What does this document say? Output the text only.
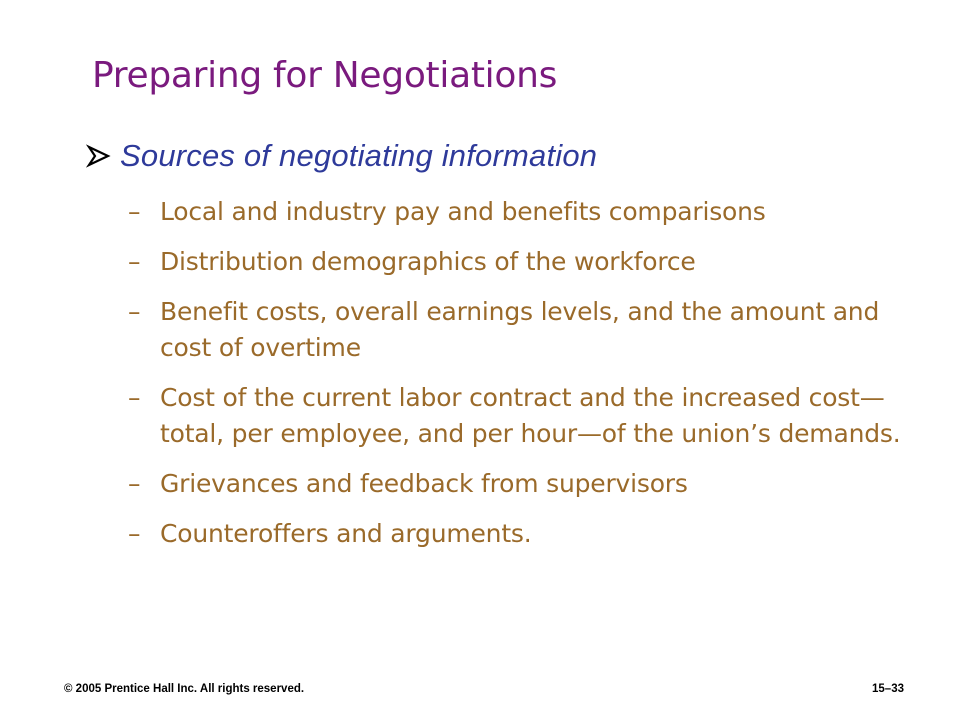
Preparing for Negotiations
Sources of negotiating information
– Local and industry pay and benefits comparisons
– Distribution demographics of the workforce
– Benefit costs, overall earnings levels, and the amount and cost of overtime
– Cost of the current labor contract and the increased cost—total, per employee, and per hour—of the union’s demands.
– Grievances and feedback from supervisors
– Counteroffers and arguments.
© 2005 Prentice Hall Inc. All rights reserved.	15–33
